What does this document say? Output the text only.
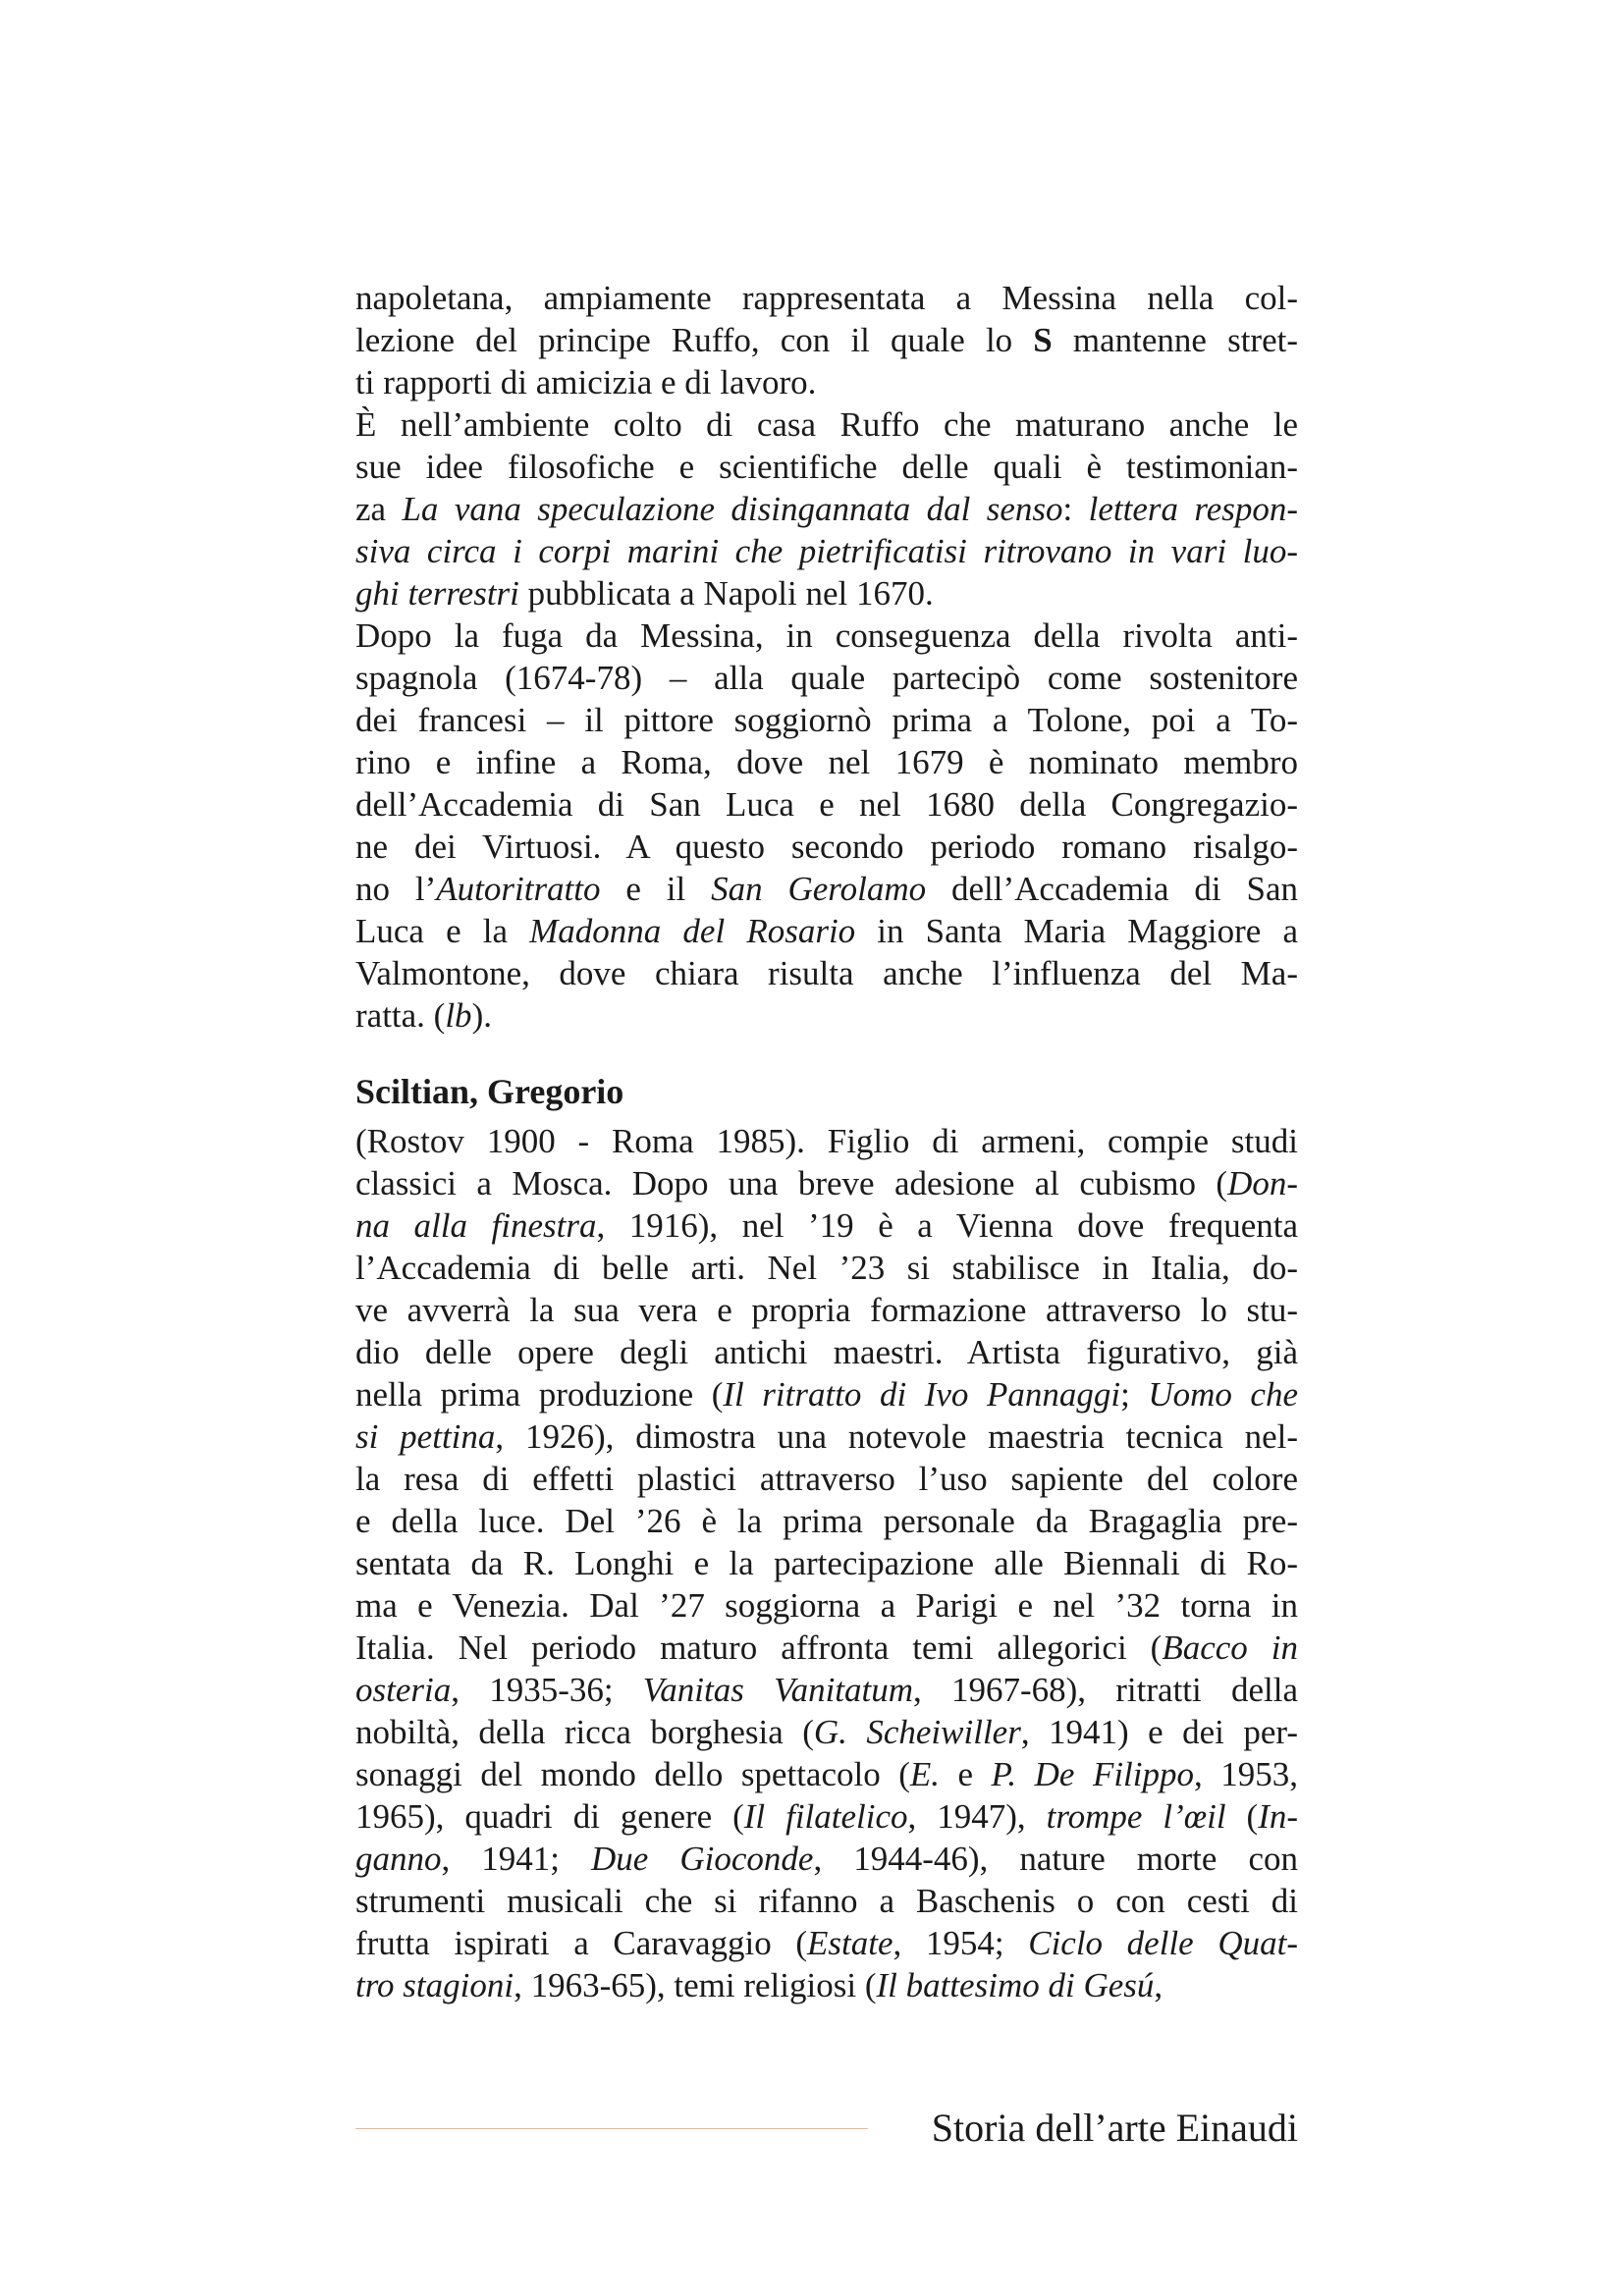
napoletana, ampiamente rappresentata a Messina nella col-
lezione del principe Ruffo, con il quale lo S mantenne stret-
ti rapporti di amicizia e di lavoro.
È nell’ambiente colto di casa Ruffo che maturano anche le
sue idee filosofiche e scientifiche delle quali è testimonian-
za La vana speculazione disingannata dal senso: lettera respon-
siva circa i corpi marini che pietrificatisi ritrovano in vari luo-
ghi terrestri pubblicata a Napoli nel 1670.
Dopo la fuga da Messina, in conseguenza della rivolta anti-
spagnola (1674-78) – alla quale partecipò come sostenitore
dei francesi – il pittore soggiornò prima a Tolone, poi a To-
rino e infine a Roma, dove nel 1679 è nominato membro
dell’Accademia di San Luca e nel 1680 della Congregazio-
ne dei Virtuosi. A questo secondo periodo romano risalgo-
no l’Autoritratto e il San Gerolamo dell’Accademia di San
Luca e la Madonna del Rosario in Santa Maria Maggiore a
Valmontone, dove chiara risulta anche l’influenza del Ma-
ratta. (lb).
Sciltian, Gregorio
(Rostov 1900 - Roma 1985). Figlio di armeni, compie studi
classici a Mosca. Dopo una breve adesione al cubismo (Don-
na alla finestra, 1916), nel ’19 è a Vienna dove frequenta
l’Accademia di belle arti. Nel ’23 si stabilisce in Italia, do-
ve avverrà la sua vera e propria formazione attraverso lo stu-
dio delle opere degli antichi maestri. Artista figurativo, già
nella prima produzione (Il ritratto di Ivo Pannaggi; Uomo che
si pettina, 1926), dimostra una notevole maestria tecnica nel-
la resa di effetti plastici attraverso l’uso sapiente del colore
e della luce. Del ’26 è la prima personale da Bragaglia pre-
sentata da R. Longhi e la partecipazione alle Biennali di Ro-
ma e Venezia. Dal ’27 soggiorna a Parigi e nel ’32 torna in
Italia. Nel periodo maturo affronta temi allegorici (Bacco in
osteria, 1935-36; Vanitas Vanitatum, 1967-68), ritratti della
nobiltà, della ricca borghesia (G. Scheiwiller, 1941) e dei per-
sonaggi del mondo dello spettacolo (E. e P. De Filippo, 1953,
1965), quadri di genere (Il filatelico, 1947), trompe l’œil (In-
ganno, 1941; Due Gioconde, 1944-46), nature morte con
strumenti musicali che si rifanno a Baschenis o con cesti di
frutta ispirati a Caravaggio (Estate, 1954; Ciclo delle Quat-
tro stagioni, 1963-65), temi religiosi (Il battesimo di Gesú,
Storia dell’arte Einaudi
